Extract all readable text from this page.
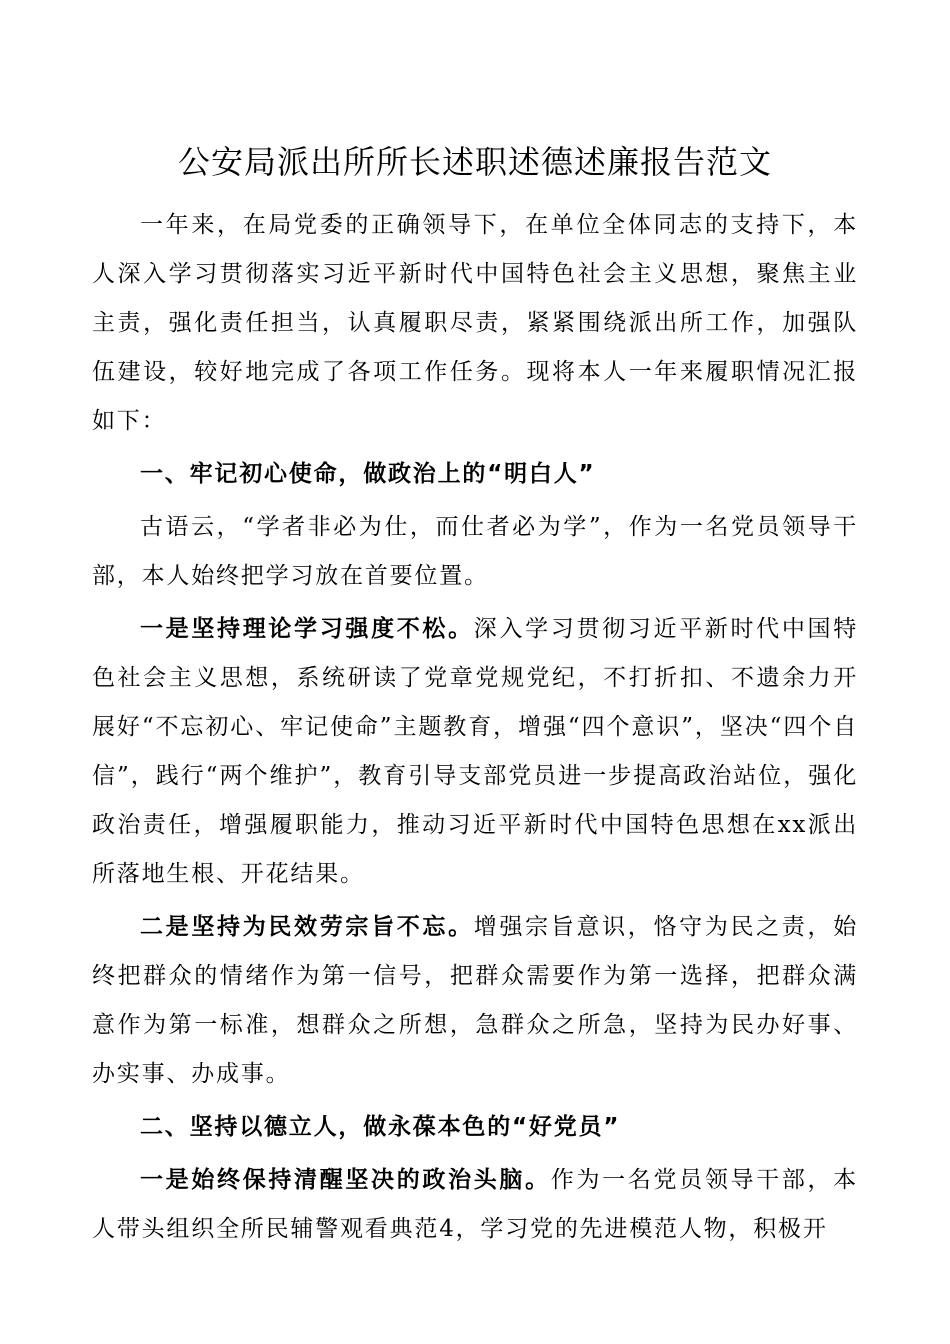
公安局派出所所长述职述德述廉报告范文

一年来，在局党委的正确领导下，在单位全体同志的支持下，本人深入学习贯彻落实习近平新时代中国特色社会主义思想，聚焦主业主责，强化责任担当，认真履职尽责，紧紧围绕派出所工作，加强队伍建设，较好地完成了各项工作任务。现将本人一年来履职情况汇报如下：

一、牢记初心使命，做政治上的“明白人”

古语云，“学者非必为仕，而仕者必为学”，作为一名党员领导干部，本人始终把学习放在首要位置。

一是坚持理论学习强度不松。深入学习贯彻习近平新时代中国特色社会主义思想，系统研读了党章党规党纪，不打折扣、不遗余力开展好“不忘初心、牢记使命”主题教育，增强“四个意识”，坚决“四个自信”，践行“两个维护”，教育引导支部党员进一步提高政治站位，强化政治责任，增强履职能力，推动习近平新时代中国特色思想在xx派出所落地生根、开花结果。

二是坚持为民效劳宗旨不忘。增强宗旨意识，恪守为民之责，始终把群众的情绪作为第一信号，把群众需要作为第一选择，把群众满意作为第一标准，想群众之所想，急群众之所急，坚持为民办好事、办实事、办成事。

二、坚持以德立人，做永葆本色的“好党员”

一是始终保持清醒坚决的政治头脑。作为一名党员领导干部，本人带头组织全所民辅警观看典范4，学习党的先进模范人物，积极开
